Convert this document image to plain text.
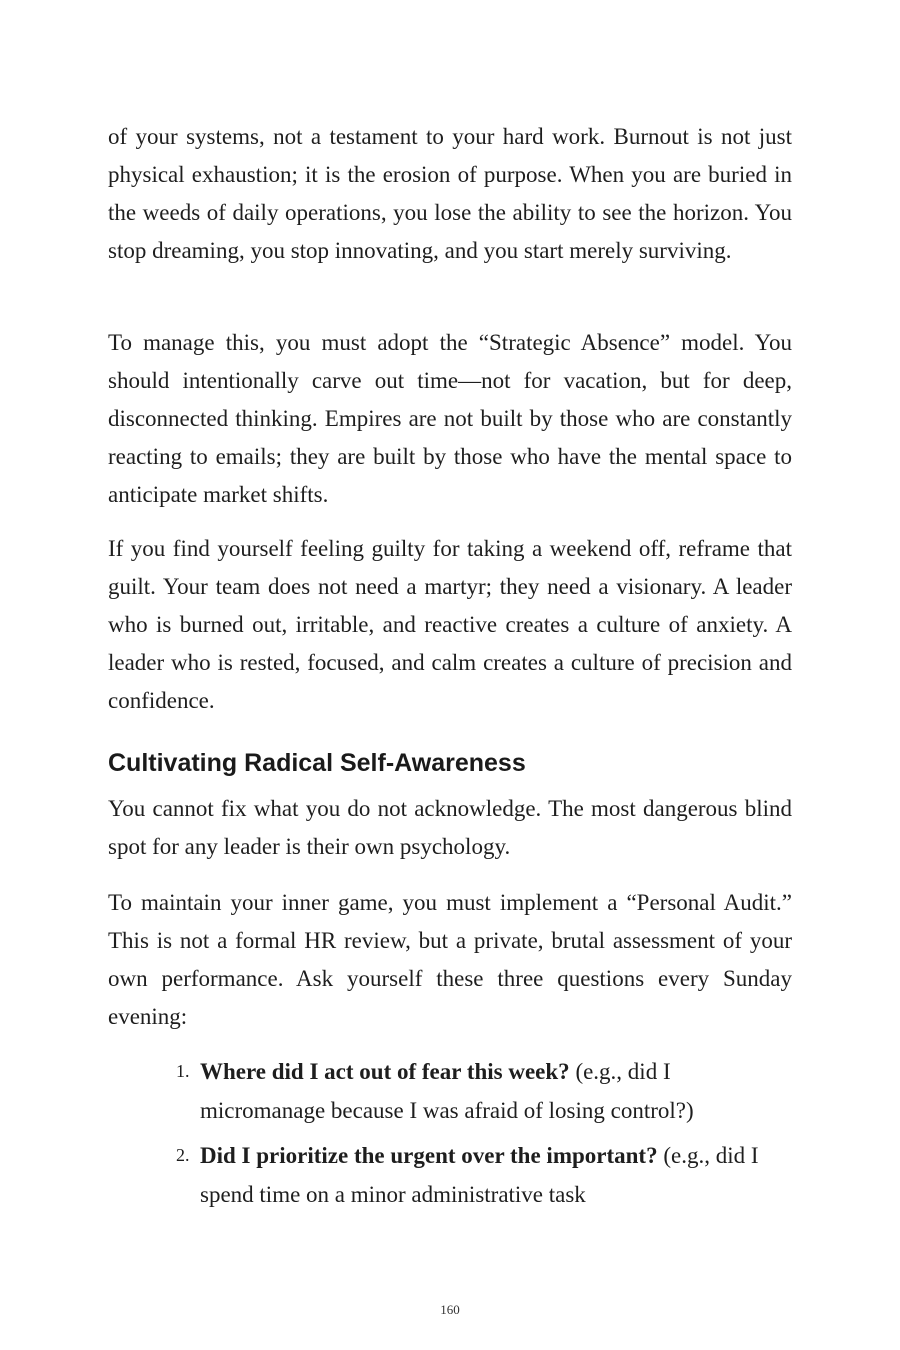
of your systems, not a testament to your hard work. Burnout is not just physical exhaustion; it is the erosion of purpose. When you are buried in the weeds of daily operations, you lose the ability to see the horizon. You stop dreaming, you stop innovating, and you start merely surviving.

To manage this, you must adopt the “Strategic Absence” model. You should intentionally carve out time—not for vacation, but for deep, disconnected thinking. Empires are not built by those who are constantly reacting to emails; they are built by those who have the mental space to anticipate market shifts.

If you find yourself feeling guilty for taking a weekend off, reframe that guilt. Your team does not need a martyr; they need a visionary. A leader who is burned out, irritable, and reactive creates a culture of anxiety. A leader who is rested, focused, and calm creates a culture of precision and confidence.

Cultivating Radical Self-Awareness

You cannot fix what you do not acknowledge. The most dangerous blind spot for any leader is their own psychology.

To maintain your inner game, you must implement a “Personal Audit.” This is not a formal HR review, but a private, brutal assessment of your own performance. Ask yourself these three questions every Sunday evening:

1. Where did I act out of fear this week? (e.g., did I micromanage because I was afraid of losing control?)
2. Did I prioritize the urgent over the important? (e.g., did I spend time on a minor administrative task
160
